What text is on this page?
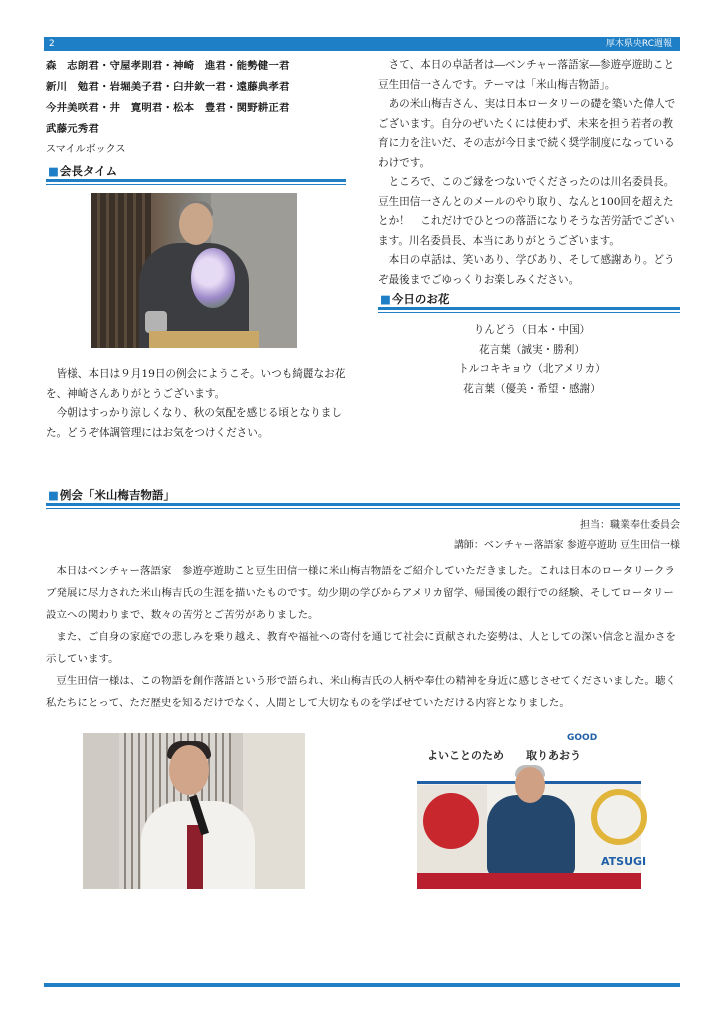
2	厚木県央RC週報
森　志朗君・守屋孝則君・神崎　進君・能勢健一君
新川　勉君・岩堀美子君・臼井欽一君・遠藤典孝君
今井美咲君・井　寛明君・松本　豊君・関野耕正君
武藤元秀君
スマイルボックス
■会長タイム

皆様、本日は９月19日の例会にようこそ。いつも綺麗なお花を、神崎さんありがとうございます。

今朝はすっかり涼しくなり、秋の気配を感じる頃となりました。どうぞ体調管理にはお気をつけください。

さて、本日の卓話者は―ベンチャー落語家―参遊亭遊助こと豆生田信一さんです。テーマは「米山梅吉物語」。

あの米山梅吉さん、実は日本ロータリーの礎を築いた偉人でございます。自分のぜいたくには使わず、未来を担う若者の教育に力を注いだ、その志が今日まで続く奨学制度になっているわけです。

ところで、このご縁をつないでくださったのは川名委員長。豆生田信一さんとのメールのやり取り、なんと100回を超えたとか！　これだけでひとつの落語になりそうな苦労話でございます。川名委員長、本当にありがとうございます。

本日の卓話は、笑いあり、学びあり、そして感謝あり。どうぞ最後までごゆっくりお楽しみください。

■今日のお花
りんどう（日本・中国）
花言葉（誠実・勝利）
トルコキキョウ（北アメリカ）
花言葉（優美・希望・感謝）
■例会「米山梅吉物語」
担当：職業奉仕委員会
講師：ベンチャー落語家 参遊亭遊助 豆生田信一様

本日はベンチャー落語家　参遊亭遊助こと豆生田信一様に米山梅吉物語をご紹介していただきました。これは日本のロータリークラブ発展に尽力された米山梅吉氏の生涯を描いたものです。幼少期の学びからアメリカ留学、帰国後の銀行での経験、そしてロータリー設立への関わりまで、数々の苦労とご苦労がありました。

また、ご自身の家庭での悲しみを乗り越え、教育や福祉への寄付を通じて社会に貢献された姿勢は、人としての深い信念と温かさを示しています。

豆生田信一様は、この物語を創作落語という形で語られ、米山梅吉氏の人柄や奉仕の精神を身近に感じさせてくださいました。聴く私たちにとって、ただ歴史を知るだけでなく、人間として大切なものを学ばせていただける内容となりました。

よいことのため　　取りあおう
GOOD
ATSUGI
